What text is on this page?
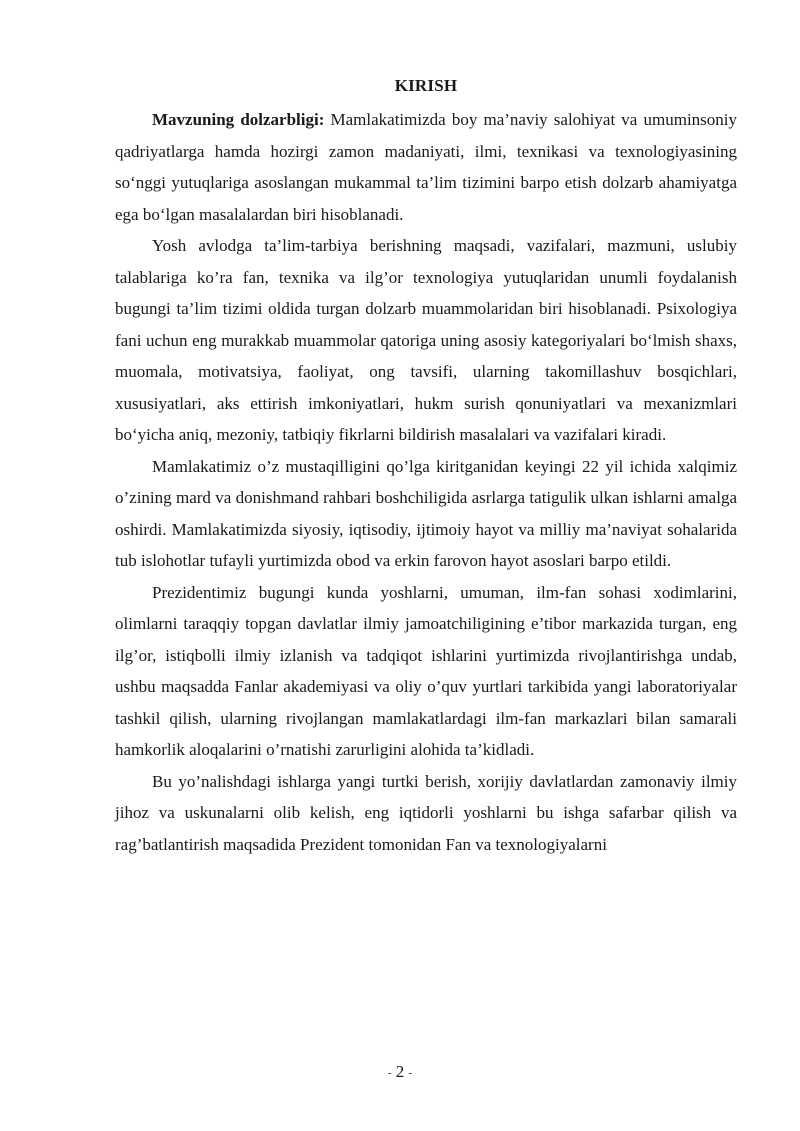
KIRISH

Mavzuning dolzarbligi: Mamlakatimizda boy ma’naviy salohiyat va umuminsoniy qadriyatlarga hamda hozirgi zamon madaniyati, ilmi, texnikasi va texnologiyasining so‘nggi yutuqlariga asoslangan mukammal ta’lim tizimini barpo etish dolzarb ahamiyatga ega bo‘lgan masalalardan biri hisoblanadi.

Yosh avlodga ta’lim-tarbiya berishning maqsadi, vazifalari, mazmuni, uslubiy talablariga ko’ra fan, texnika va ilg’or texnologiya yutuqlaridan unumli foydalanish bugungi ta’lim tizimi oldida turgan dolzarb muammolaridan biri hisoblanadi. Psixologiya fani uchun eng murakkab muammolar qatoriga uning asosiy kategoriyalari bo‘lmish shaxs, muomala, motivatsiya, faoliyat, ong tavsifi, ularning takomillashuv bosqichlari, xususiyatlari, aks ettirish imkoniyatlari, hukm surish qonuniyatlari va mexanizmlari bo‘yicha aniq, mezoniy, tatbiqiy fikrlarni bildirish masalalari va vazifalari kiradi.

Mamlakatimiz o’z mustaqilligini qo’lga kiritganidan keyingi 22 yil ichida xalqimiz o’zining mard va donishmand rahbari boshchiligida asrlarga tatigulik ulkan ishlarni amalga oshirdi. Mamlakatimizda siyosiy, iqtisodiy, ijtimoiy hayot va milliy ma’naviyat sohalarida tub islohotlar tufayli yurtimizda obod va erkin farovon hayot asoslari barpo etildi.

Prezidentimiz bugungi kunda yoshlarni, umuman, ilm-fan sohasi xodimlarini, olimlarni taraqqiy topgan davlatlar ilmiy jamoatchiligining e’tibor markazida turgan, eng ilg’or, istiqbolli ilmiy izlanish va tadqiqot ishlarini yurtimizda rivojlantirishga undab, ushbu maqsadda Fanlar akademiyasi va oliy o’quv yurtlari tarkibida yangi laboratoriyalar tashkil qilish, ularning rivojlangan mamlakatlardagi ilm-fan markazlari bilan samarali hamkorlik aloqalarini o’rnatishi zarurligini alohida ta’kidladi.

Bu yo’nalishdagi ishlarga yangi turtki berish, xorijiy davlatlardan zamonaviy ilmiy jihoz va uskunalarni olib kelish, eng iqtidorli yoshlarni bu ishga safarbar qilish va rag’batlantirish maqsadida Prezident tomonidan Fan va texnologiyalarni

- 2 -
